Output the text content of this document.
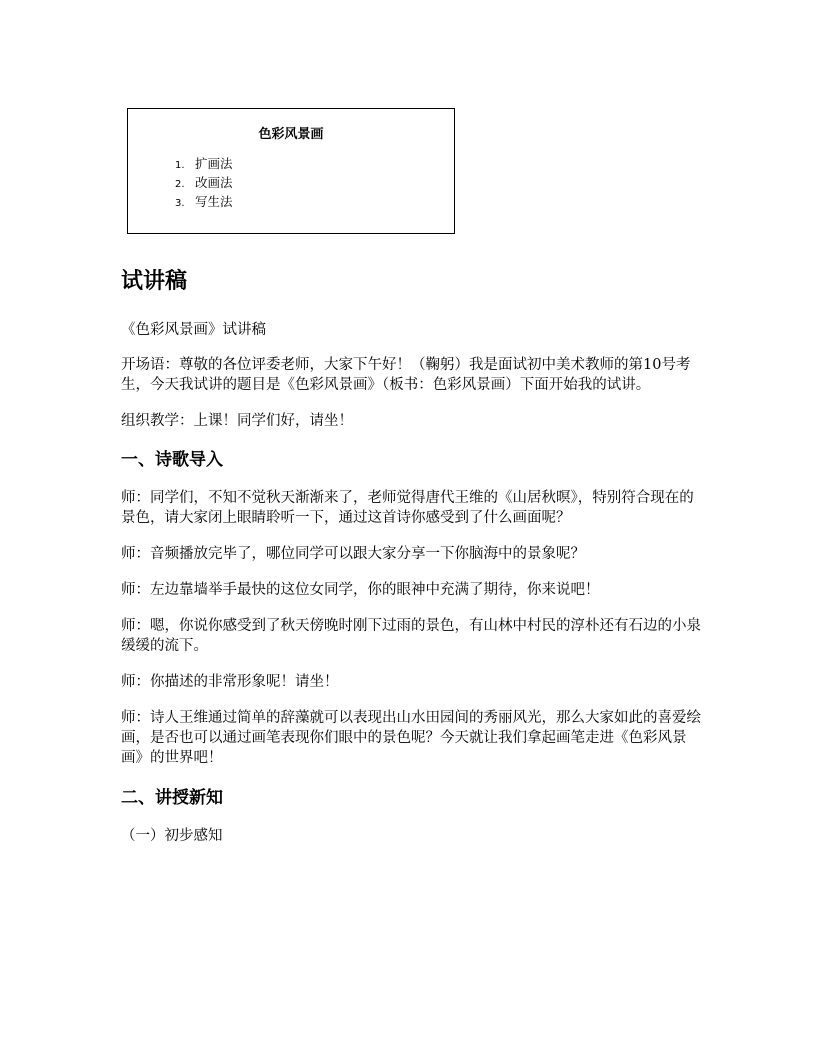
色彩风景画
1. 扩画法
2. 改画法
3. 写生法
试讲稿

《色彩风景画》试讲稿

开场语：尊敬的各位评委老师，大家下午好！（鞠躬）我是面试初中美术教师的第10号考生，今天我试讲的题目是《色彩风景画》（板书：色彩风景画）下面开始我的试讲。

组织教学：上课！同学们好，请坐！

一、诗歌导入

师：同学们，不知不觉秋天渐渐来了，老师觉得唐代王维的《山居秋暝》，特别符合现在的景色，请大家闭上眼睛聆听一下，通过这首诗你感受到了什么画面呢？

师：音频播放完毕了，哪位同学可以跟大家分享一下你脑海中的景象呢？

师：左边靠墙举手最快的这位女同学，你的眼神中充满了期待，你来说吧！

师：嗯，你说你感受到了秋天傍晚时刚下过雨的景色，有山林中村民的淳朴还有石边的小泉缓缓的流下。

师：你描述的非常形象呢！请坐！

师：诗人王维通过简单的辞藻就可以表现出山水田园间的秀丽风光，那么大家如此的喜爱绘画，是否也可以通过画笔表现你们眼中的景色呢？今天就让我们拿起画笔走进《色彩风景画》的世界吧！

二、讲授新知

（一）初步感知
